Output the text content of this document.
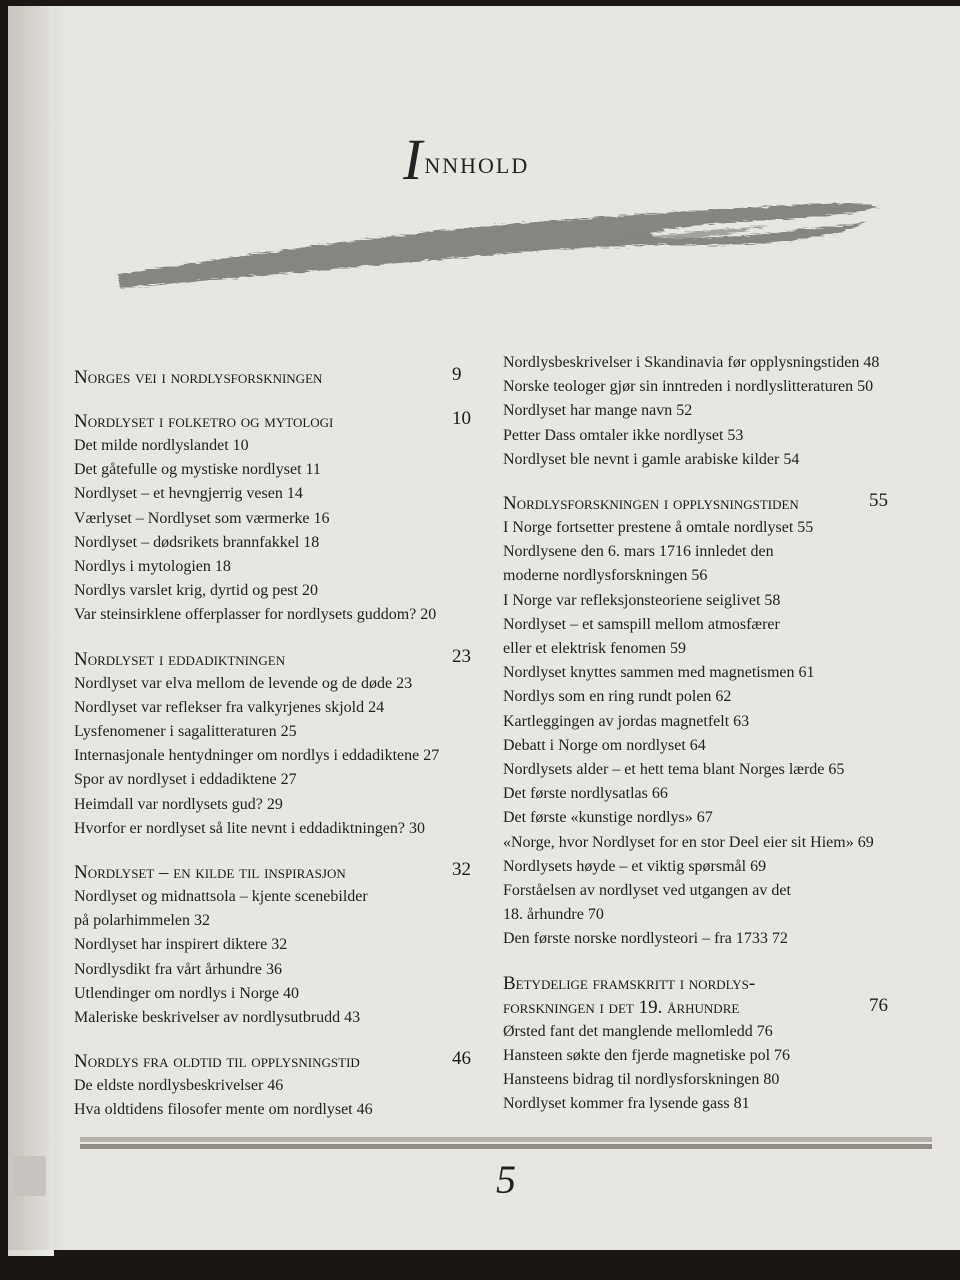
Innhold

Norges vei i nordlysforskningen	9

Nordlyset i folketro og mytologi	10

Det milde nordlyslandet 10

Det gåtefulle og mystiske nordlyset 11

Nordlyset – et hevngjerrig vesen 14

Værlyset – Nordlyset som værmerke 16

Nordlyset – dødsrikets brannfakkel 18

Nordlys i mytologien 18

Nordlys varslet krig, dyrtid og pest 20

Var steinsirklene offerplasser for nordlysets guddom? 20

Nordlyset i eddadiktningen	23

Nordlyset var elva mellom de levende og de døde 23

Nordlyset var reflekser fra valkyrjenes skjold 24

Lysfenomener i sagalitteraturen 25

Internasjonale hentydninger om nordlys i eddadiktene 27

Spor av nordlyset i eddadiktene 27

Heimdall var nordlysets gud? 29

Hvorfor er nordlyset så lite nevnt i eddadiktningen? 30

Nordlyset – en kilde til inspirasjon	32

Nordlyset og midnattsola – kjente scenebilder

på polarhimmelen 32

Nordlyset har inspirert diktere 32

Nordlysdikt fra vårt århundre 36

Utlendinger om nordlys i Norge 40

Maleriske beskrivelser av nordlysutbrudd 43

Nordlys fra oldtid til opplysningstid	46

De eldste nordlysbeskrivelser 46

Hva oldtidens filosofer mente om nordlyset 46

Nordlysbeskrivelser i Skandinavia før opplysningstiden 48

Norske teologer gjør sin inntreden i nordlyslitteraturen 50

Nordlyset har mange navn 52

Petter Dass omtaler ikke nordlyset 53

Nordlyset ble nevnt i gamle arabiske kilder 54

Nordlysforskningen i opplysningstiden	55

I Norge fortsetter prestene å omtale nordlyset 55

Nordlysene den 6. mars 1716 innledet den

moderne nordlysforskningen 56

I Norge var refleksjonsteoriene seiglivet 58

Nordlyset – et samspill mellom atmosfærer

eller et elektrisk fenomen 59

Nordlyset knyttes sammen med magnetismen 61

Nordlys som en ring rundt polen 62

Kartleggingen av jordas magnetfelt 63

Debatt i Norge om nordlyset 64

Nordlysets alder – et hett tema blant Norges lærde 65

Det første nordlysatlas 66

Det første «kunstige nordlys» 67

«Norge, hvor Nordlyset for en stor Deel eier sit Hiem» 69

Nordlysets høyde – et viktig spørsmål 69

Forståelsen av nordlyset ved utgangen av det

18. århundre 70

Den første norske nordlysteori – fra 1733 72

Betydelige framskritt i nordlys-
forskningen i det 19. århundre	76

Ørsted fant det manglende mellomledd 76

Hansteen søkte den fjerde magnetiske pol 76

Hansteens bidrag til nordlysforskningen 80

Nordlyset kommer fra lysende gass 81

5
